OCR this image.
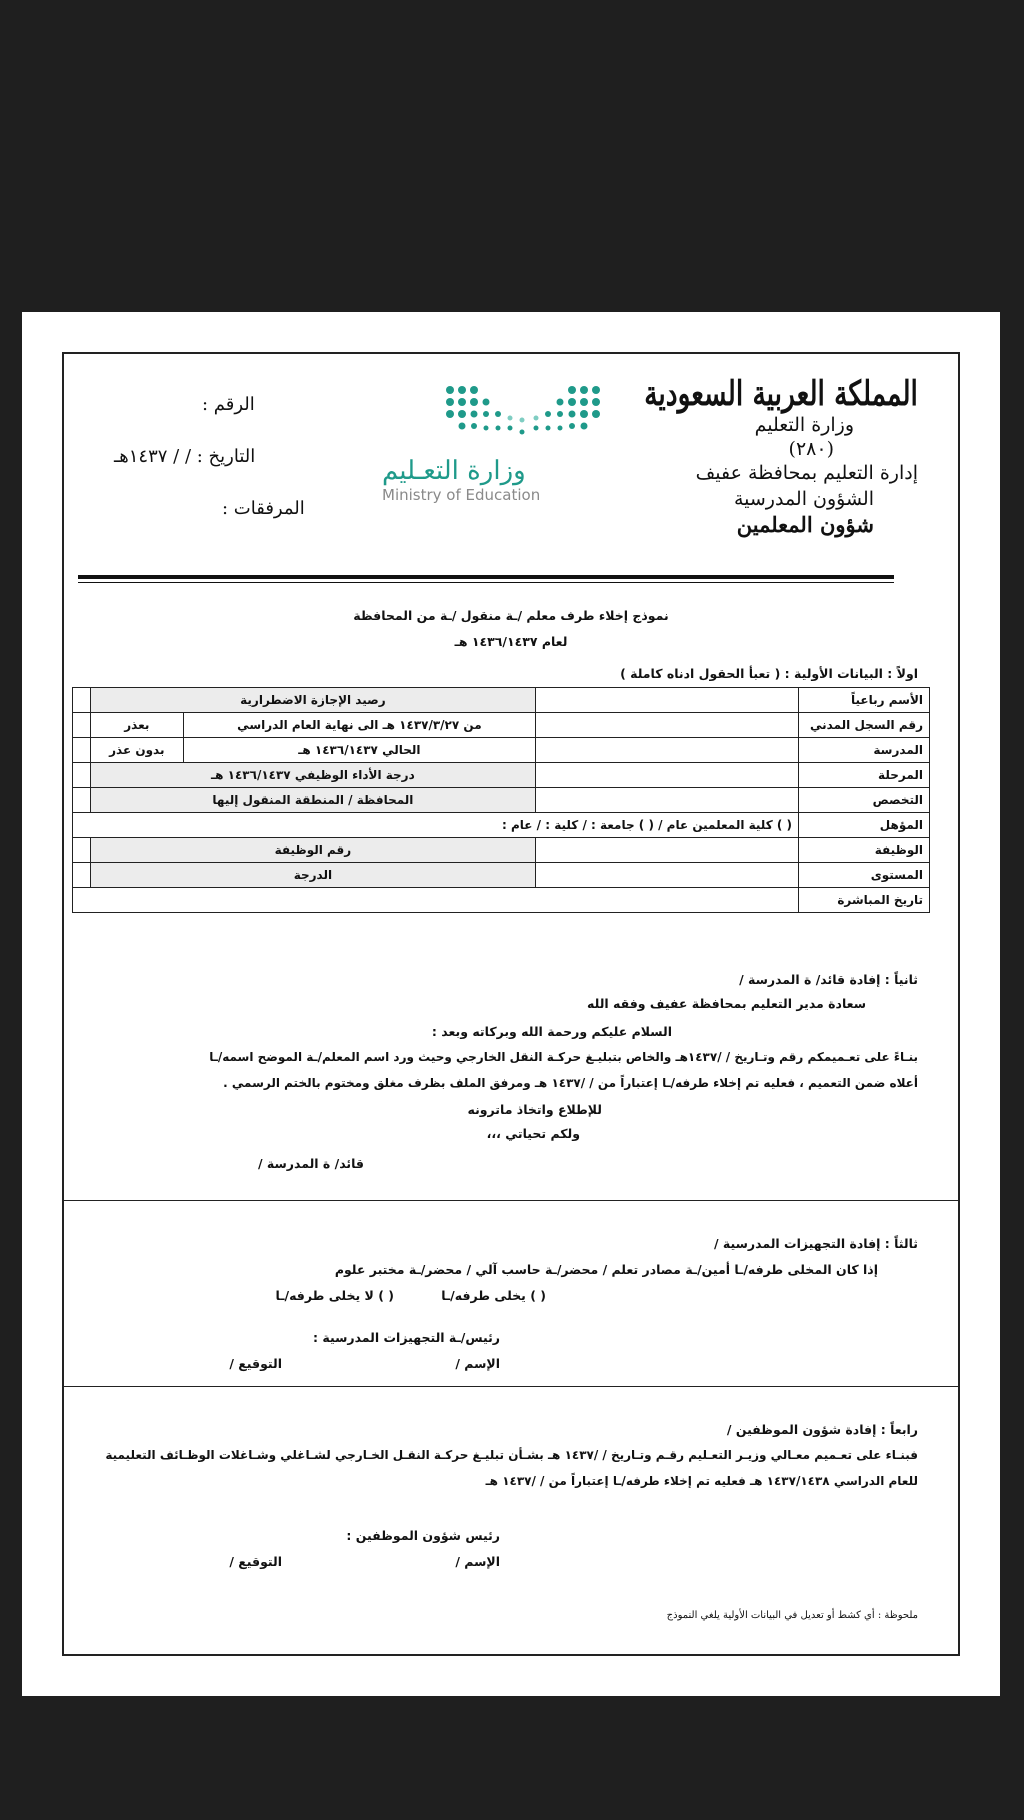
المملكة العربية السعودية
وزارة التعليم
(٢٨٠)
إدارة التعليم بمحافظة عفيف
الشؤون المدرسية
شؤون المعلمين
وزارة التعـليم
Ministry of Education
الرقم :
التاريخ : / / ١٤٣٧هـ
المرفقات :
نموذج إخلاء طرف معلم /ـة منقول /ـة من المحافظة
لعام ١٤٣٦/١٤٣٧ هـ
اولاً : البيانات الأولية : ( تعبأ الحقول ادناه كاملة )
الأسم رباعياً		رصيد الإجازة الاضطرارية		
رقم السجل المدني		من ١٤٣٧/٣/٢٧ هـ الى نهاية العام الدراسي	بعذر	
المدرسة		الحالي ١٤٣٦/١٤٣٧ هـ	بدون عذر	
المرحلة		درجة الأداء الوظيفي ١٤٣٦/١٤٣٧ هـ		
التخصص		المحافظة / المنطقة المنقول إليها		
المؤهل	( ) كلية المعلمين عام / ( ) جامعة : / كلية : / عام :			
الوظيفة		رقم الوظيفة		
المستوى		الدرجة		
تاريخ المباشرة				
ثانياً : إفادة قائد/ ة المدرسة /
سعادة مدير التعليم بمحافظة عفيف وفقه الله
السلام عليكم ورحمة الله وبركاته وبعد :
بنـاءً على تعـميمكم رقم وتـاريخ / /١٤٣٧هـ والخاص بتبليـغ حركـة النقل الخارجي وحيث ورد اسم المعلم/ـة الموضح اسمه/ـا
أعلاه ضمن التعميم ، فعليه تم إخلاء طرفه/ـا إعتباراً من / /١٤٣٧ هـ ومرفق الملف بظرف مغلق ومختوم بالختم الرسمي .
للإطلاع واتخاذ ماترونه
ولكم تحياتي ،،،
قائد/ ة المدرسة /
ثالثاً : إفادة التجهيزات المدرسية /
إذا كان المخلى طرفه/ـا أمين/ـة مصادر تعلم / محضر/ـة حاسب آلي / محضر/ـة مختبر علوم
( ) يخلى طرفه/ـا
( ) لا يخلى طرفه/ـا
رئيس/ـة التجهيزات المدرسية :
الإسم /
التوقيع /
رابعاً : إفادة شؤون الموظفين /
فبنـاء على تعـميم معـالي وزيـر التعـليم رقـم وتـاريخ / /١٤٣٧ هـ بشـأن تبليـغ حركـة النقـل الخـارجي لشـاغلي وشـاغلات الوظـائف التعليمية
للعام الدراسي ١٤٣٧/١٤٣٨ هـ فعليه تم إخلاء طرفه/ـا إعتباراً من / /١٤٣٧ هـ
رئيس شؤون الموظفين :
الإسم /
التوقيع /
ملحوظة : أي كشط أو تعديل في البيانات الأولية يلغي النموذج
